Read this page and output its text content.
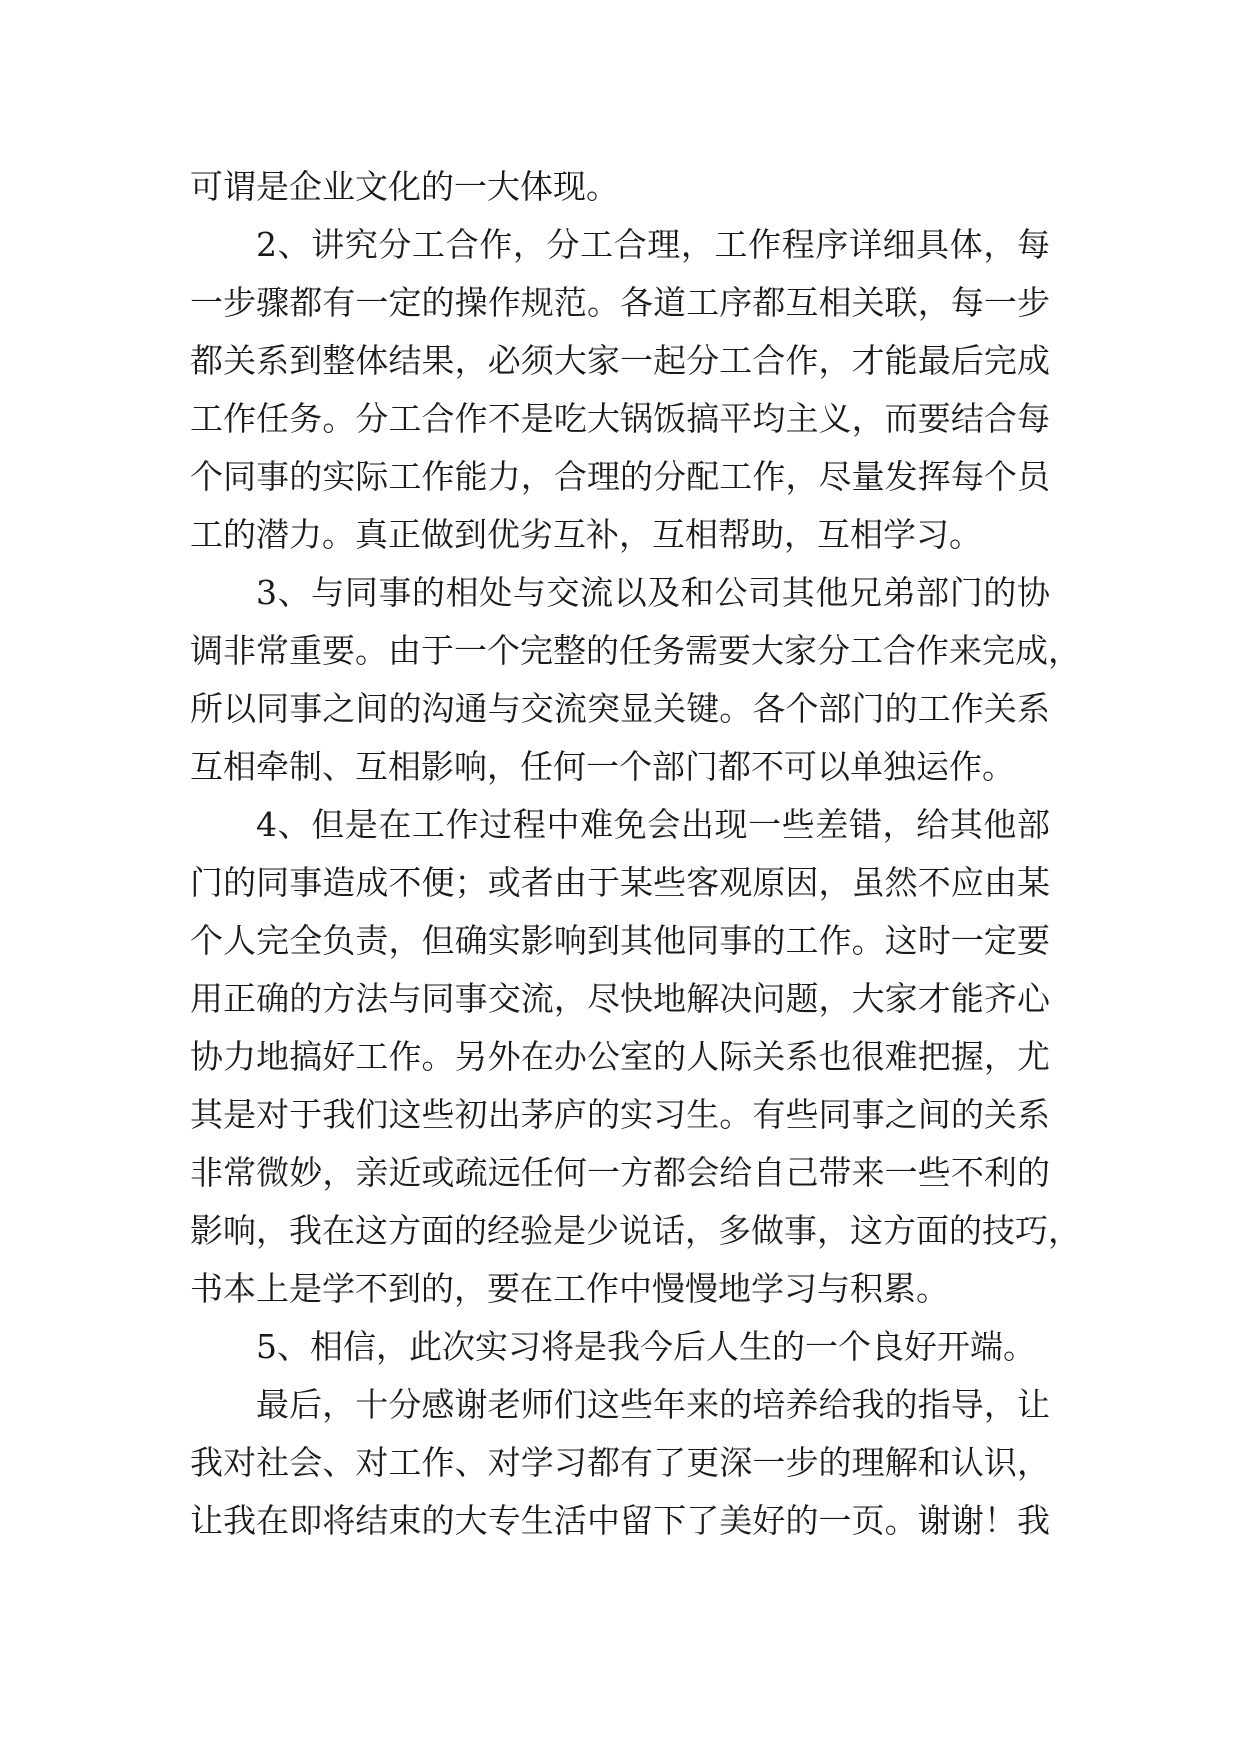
可谓是企业文化的一大体现。
2、讲究分工合作，分工合理，工作程序详细具体，每
一步骤都有一定的操作规范。各道工序都互相关联，每一步
都关系到整体结果，必须大家一起分工合作，才能最后完成
工作任务。分工合作不是吃大锅饭搞平均主义，而要结合每
个同事的实际工作能力，合理的分配工作，尽量发挥每个员
工的潜力。真正做到优劣互补，互相帮助，互相学习。
3、与同事的相处与交流以及和公司其他兄弟部门的协
调非常重要。由于一个完整的任务需要大家分工合作来完成，
所以同事之间的沟通与交流突显关键。各个部门的工作关系
互相牵制、互相影响，任何一个部门都不可以单独运作。
4、但是在工作过程中难免会出现一些差错，给其他部
门的同事造成不便；或者由于某些客观原因，虽然不应由某
个人完全负责，但确实影响到其他同事的工作。这时一定要
用正确的方法与同事交流，尽快地解决问题，大家才能齐心
协力地搞好工作。另外在办公室的人际关系也很难把握，尤
其是对于我们这些初出茅庐的实习生。有些同事之间的关系
非常微妙，亲近或疏远任何一方都会给自己带来一些不利的
影响，我在这方面的经验是少说话，多做事，这方面的技巧，
书本上是学不到的，要在工作中慢慢地学习与积累。
5、相信，此次实习将是我今后人生的一个良好开端。
最后，十分感谢老师们这些年来的培养给我的指导，让
我对社会、对工作、对学习都有了更深一步的理解和认识，
让我在即将结束的大专生活中留下了美好的一页。谢谢！我
